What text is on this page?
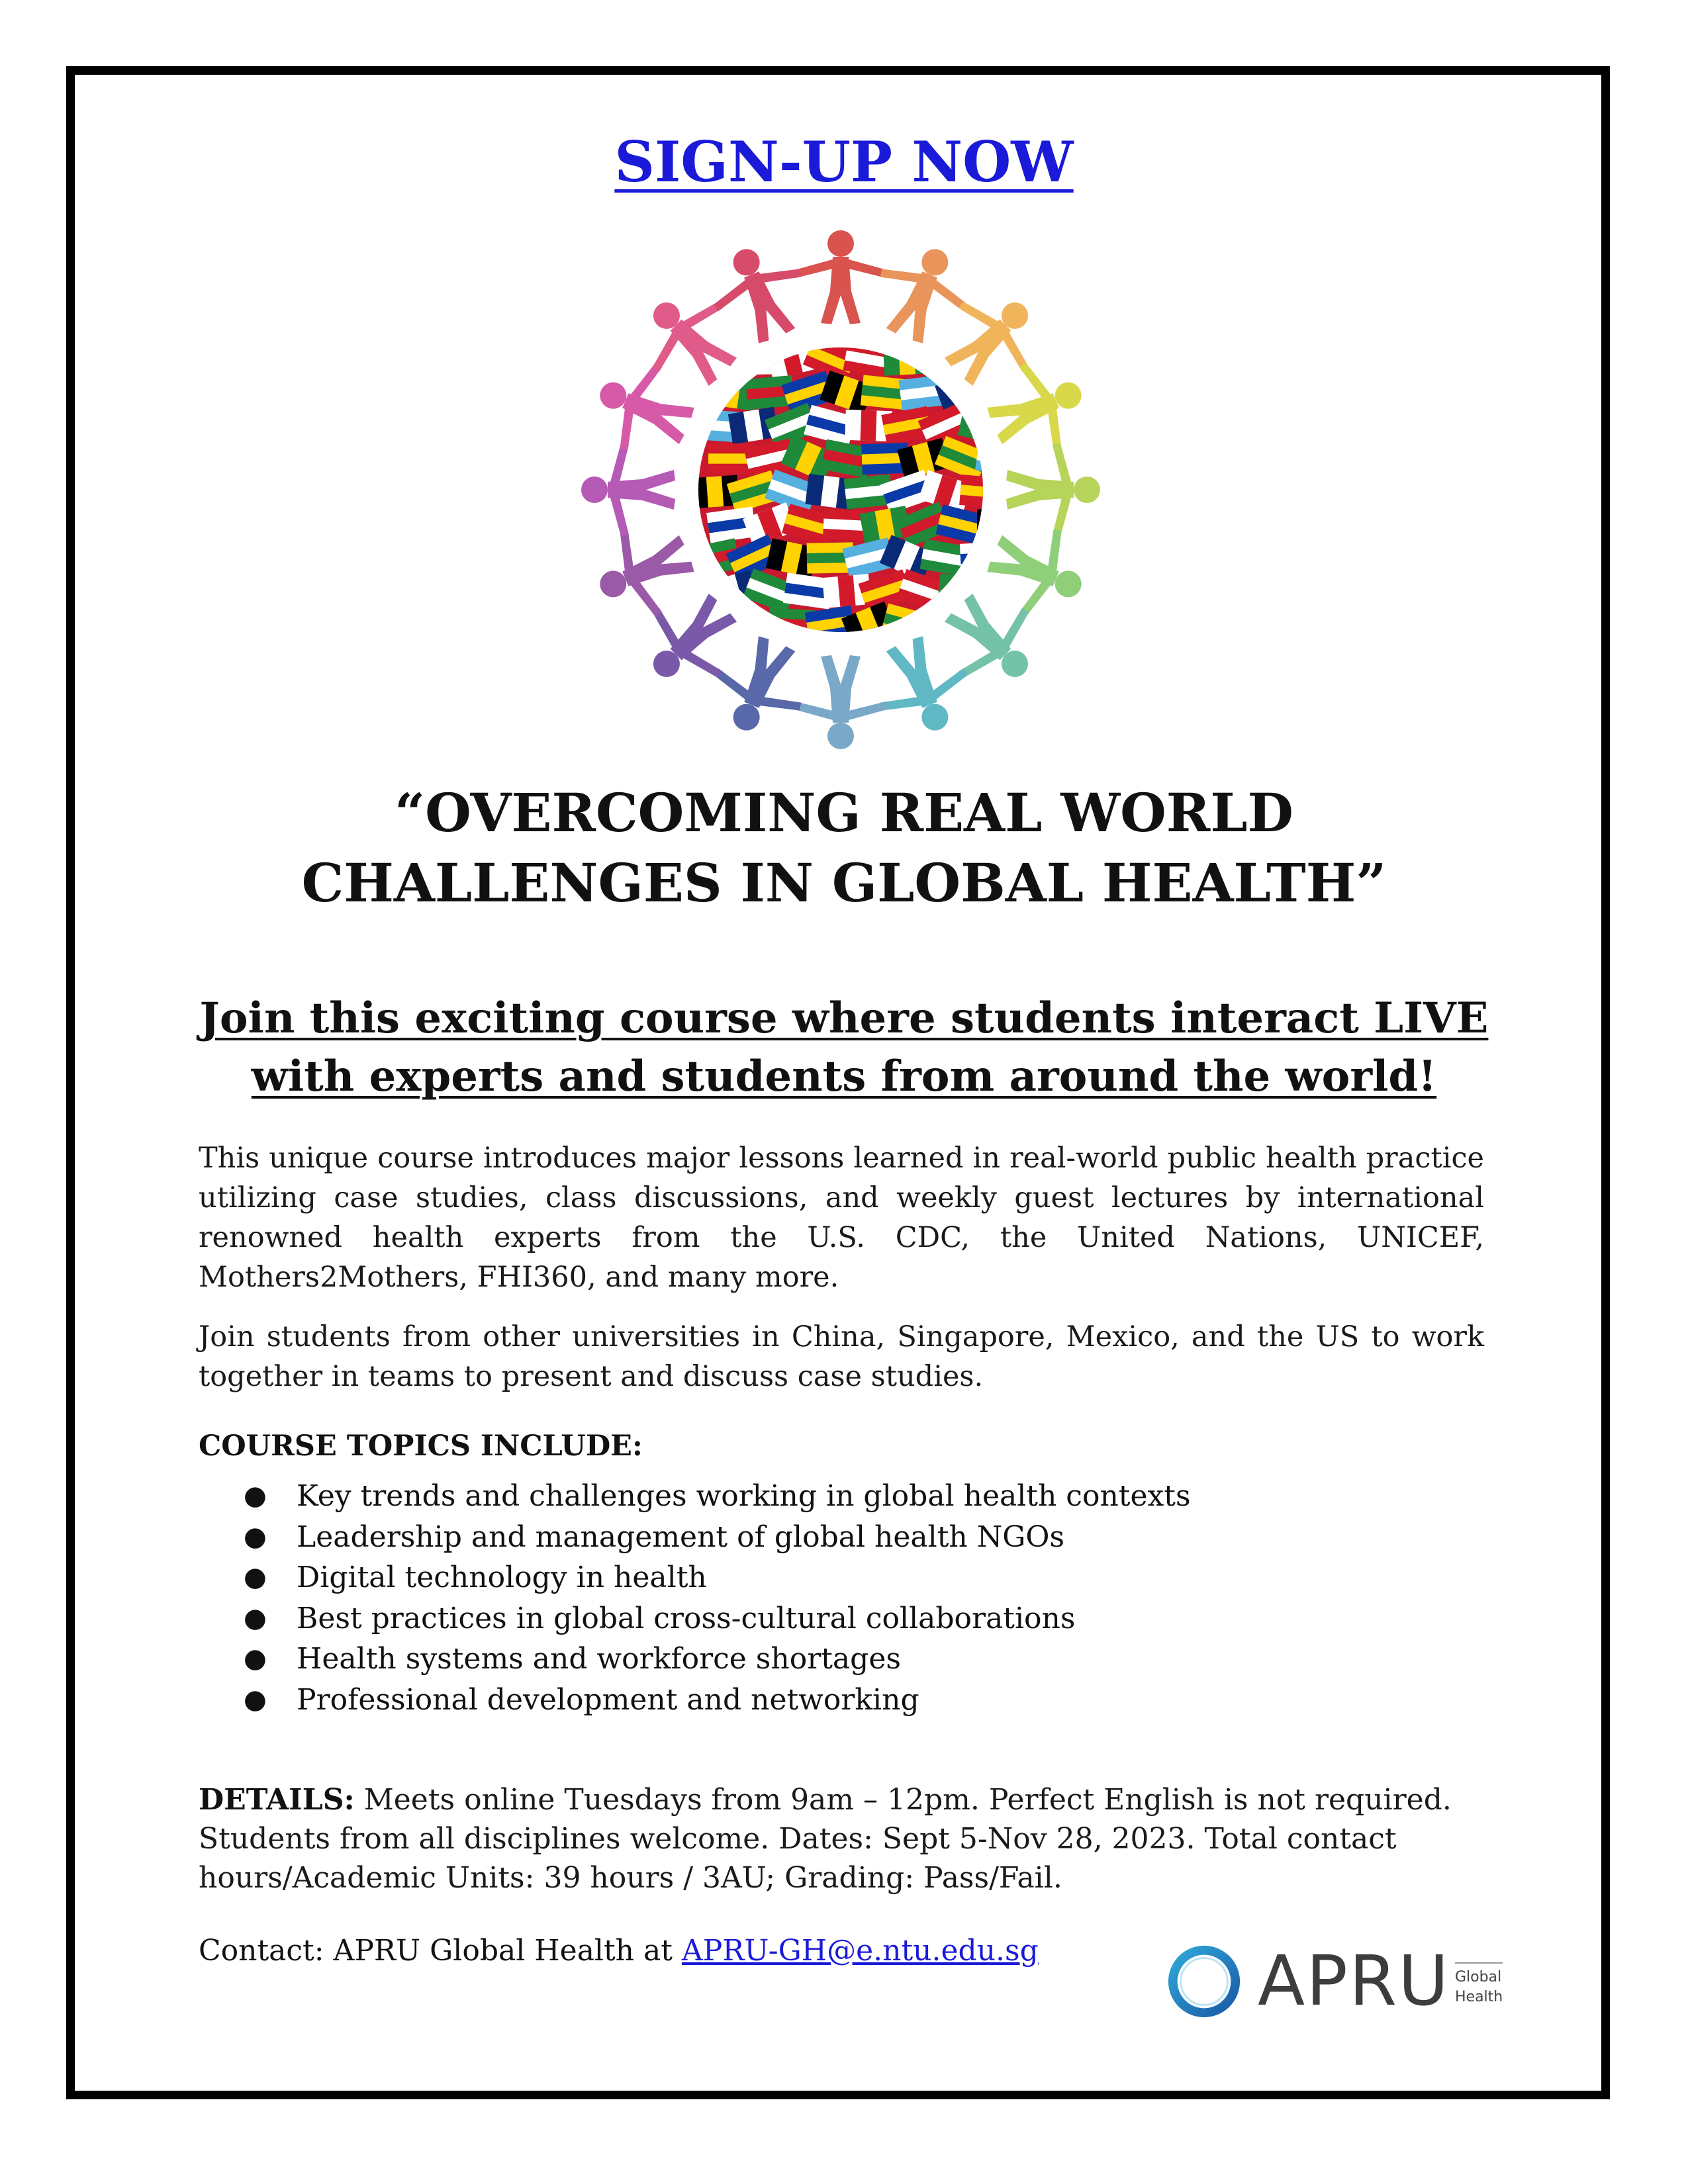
SIGN-UP NOW
“OVERCOMING REAL WORLD
CHALLENGES IN GLOBAL HEALTH”
Join this exciting course where students interact LIVE
with experts and students from around the world!
This unique course introduces major lessons learned in real-world public health practice utilizing case studies, class discussions, and weekly guest lectures by international renowned health experts from the U.S. CDC, the United Nations, UNICEF, Mothers2Mothers, FHI360, and many more.
Join students from other universities in China, Singapore, Mexico, and the US to work together in teams to present and discuss case studies.
COURSE TOPICS INCLUDE:
● Key trends and challenges working in global health contexts
● Leadership and management of global health NGOs
● Digital technology in health
● Best practices in global cross-cultural collaborations
● Health systems and workforce shortages
● Professional development and networking
DETAILS: Meets online Tuesdays from 9am – 12pm. Perfect English is not required. Students from all disciplines welcome. Dates: Sept 5-Nov 28, 2023. Total contact hours/Academic Units: 39 hours / 3AU; Grading: Pass/Fail.
Contact: APRU Global Health at APRU-GH@e.ntu.edu.sg	APRU Global
Health
